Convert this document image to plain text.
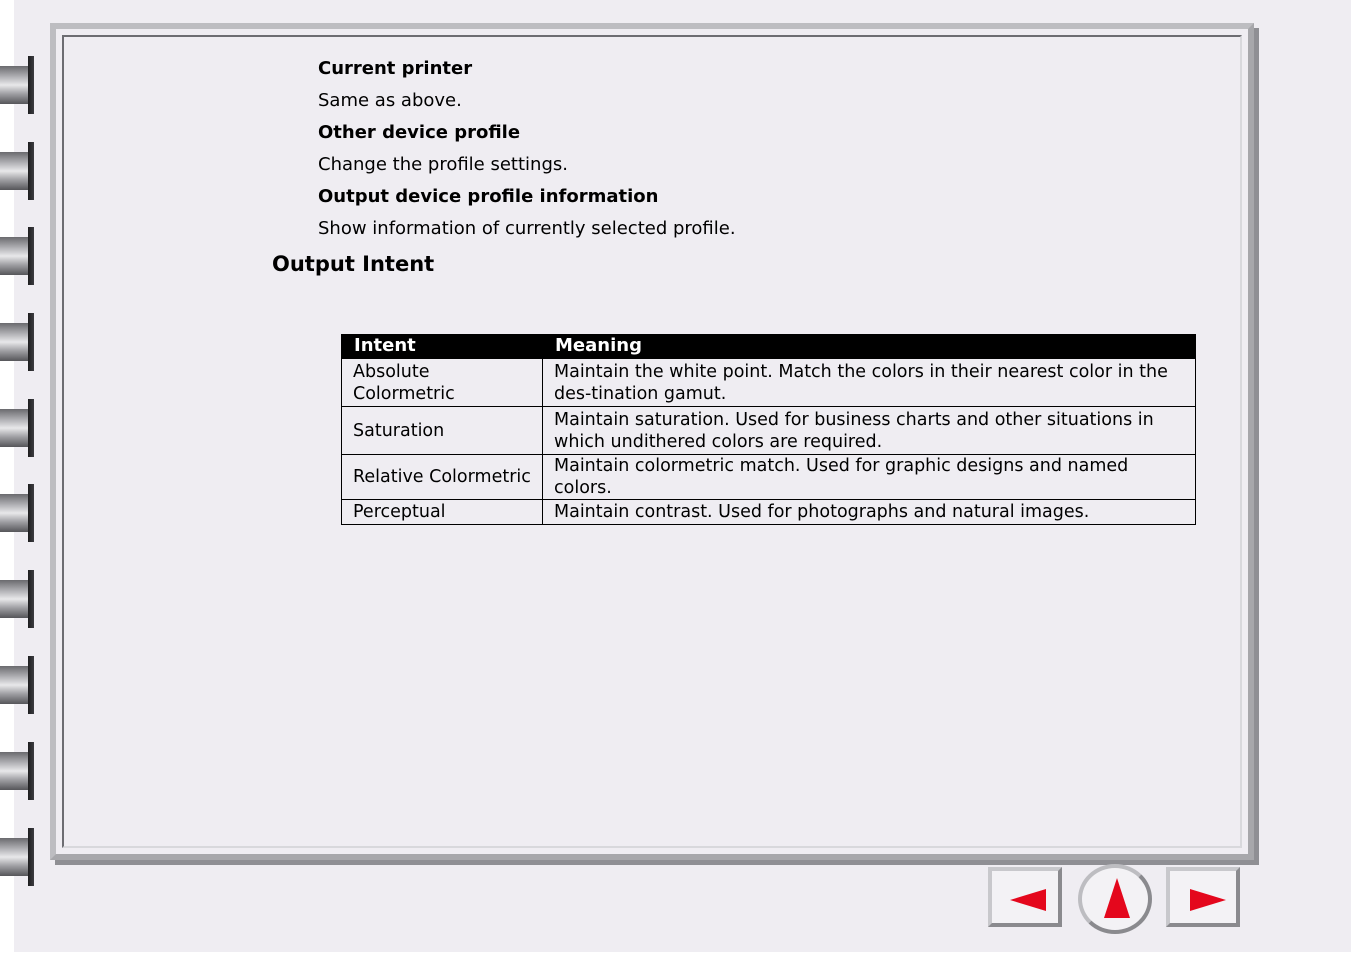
Current printer
Same as above.
Other device profile
Change the profile settings.
Output device profile information
Show information of currently selected profile.
Output Intent
Intent	Meaning
Absolute Colormetric	Maintain the white point. Match the colors in their nearest color in the des-tination gamut.
Saturation	Maintain saturation. Used for business charts and other situations in which undithered colors are required.
Relative Colormetric	Maintain colormetric match. Used for graphic designs and named colors.
Perceptual	Maintain contrast. Used for photographs and natural images.
